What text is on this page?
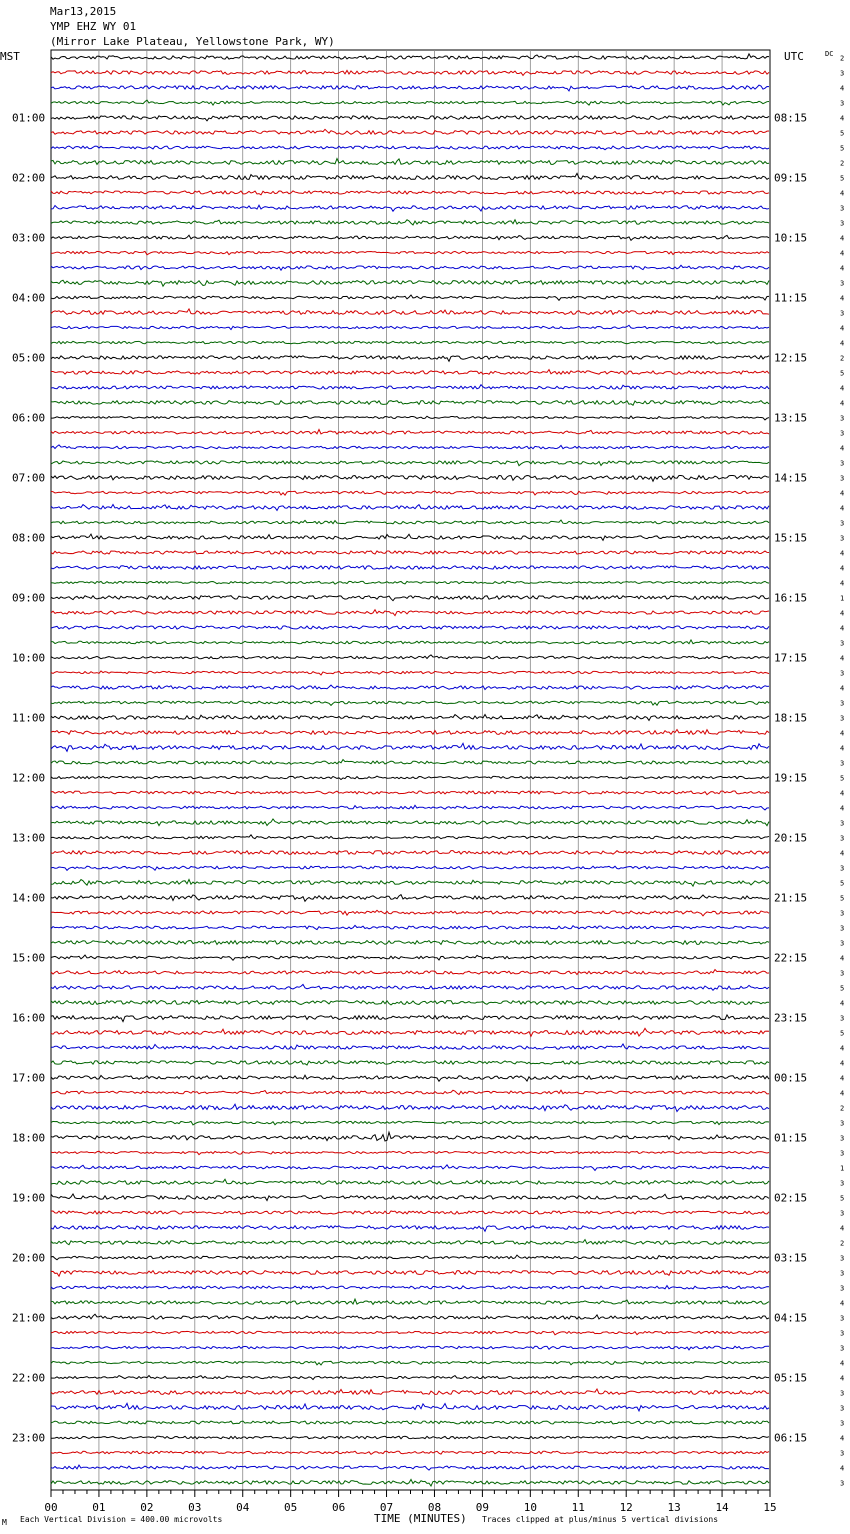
Mar13,2015
YMP EHZ WY 01
(Mirror Lake Plateau, Yellowstone Park, WY)
01:00
02:00
03:00
04:00
05:00
06:00
07:00
08:00
09:00
10:00
11:00
12:00
13:00
14:00
15:00
16:00
17:00
18:00
19:00
20:00
21:00
22:00
23:00
08:15
09:15
10:15
11:15
12:15
13:15
14:15
15:15
16:15
17:15
18:15
19:15
20:15
21:15
22:15
23:15
00:15
01:15
02:15
03:15
04:15
05:15
06:15
2
3
4
3
4
5
5
2
5
4
3
3
4
4
4
3
4
3
4
4
2
5
4
4
3
3
4
3
3
4
4
3
3
4
4
4
1
4
4
3
4
3
4
3
3
4
4
3
5
4
4
3
3
4
3
5
5
3
3
3
4
3
5
4
3
5
4
4
4
4
2
3
3
3
1
3
5
3
4
2
3
3
3
4
3
3
3
4
4
3
3
3
4
3
4
3
00	01	02	03	04	05	06	07	08	09	10	11	12	13	14	15
MST	UTC	DC
M Each Vertical Division = 400.00 microvolts	TIME (MINUTES) Traces clipped at plus/minus 5 vertical divisions
